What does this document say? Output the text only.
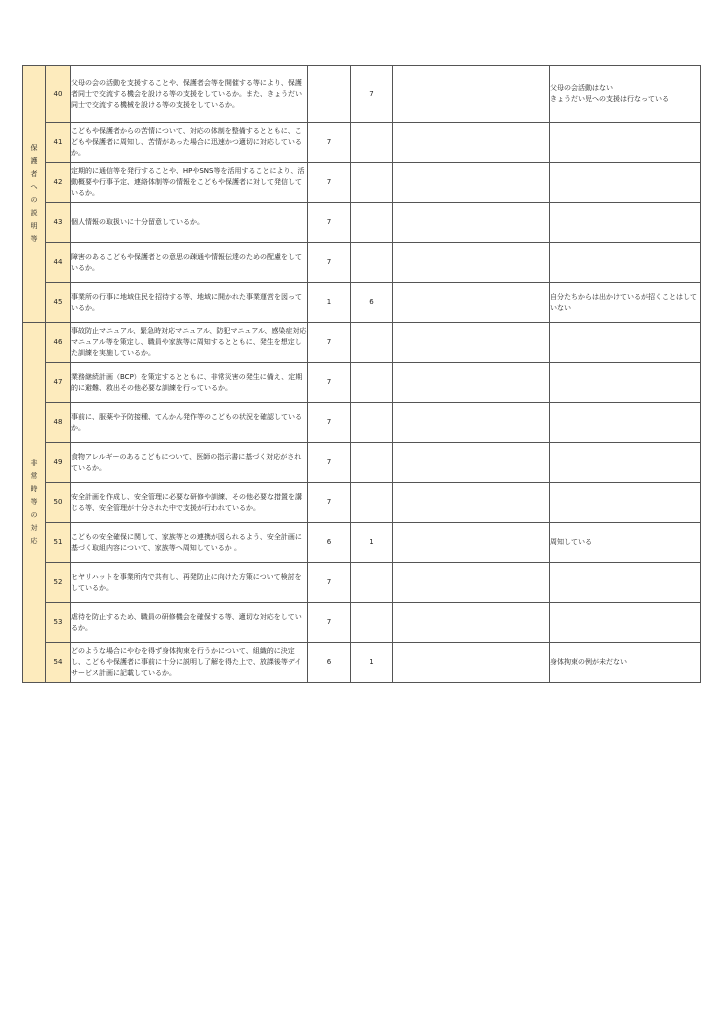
保護者への説明等	40	父母の会の活動を支援することや、保護者会等を開催する等により、保護者同士で交流する機会を設ける等の支援をしているか。また、きょうだい同士で交流する機械を設ける等の支援をしているか。		7		父母の会活動はない
きょうだい児への支援は行なっている
	41	こどもや保護者からの苦情について、対応の体制を整備するとともに、こどもや保護者に周知し、苦情があった場合に迅速かつ適切に対応しているか。	7			
	42	定期的に通信等を発行することや、HPやSNS等を活用することにより、活動概要や行事予定、連絡体制等の情報をこどもや保護者に対して発信しているか。	7			
	43	個人情報の取扱いに十分留意しているか。	7			
	44	障害のあるこどもや保護者との意思の疎通や情報伝達のための配慮をしているか。	7			
	45	事業所の行事に地域住民を招待する等、地域に開かれた事業運営を図っているか。	1	6		自分たちからは出かけているが招くことはしていない

非常時等の対応	46	事故防止マニュアル、緊急時対応マニュアル、防犯マニュアル、感染症対応マニュアル等を策定し、職員や家族等に周知するとともに、発生を想定した訓練を実施しているか。	7			
	47	業務継続計画（BCP）を策定するとともに、非常災害の発生に備え、定期的に避難、救出その他必要な訓練を行っているか。	7			
	48	事前に、服薬や予防接種、てんかん発作等のこどもの状況を確認しているか。	7			
	49	食物アレルギーのあるこどもについて、医師の指示書に基づく対応がされているか。	7			
	50	安全計画を作成し、安全管理に必要な研修や訓練、その他必要な措置を講じる等、安全管理が十分された中で支援が行われているか。	7			
	51	こどもの安全確保に関して、家族等との連携が図られるよう、安全計画に基づく取組内容について、家族等へ周知しているか 。	6	1		周知している
	52	ヒヤリハットを事業所内で共有し、再発防止に向けた方策について検討をしているか。	7			
	53	虐待を防止するため、職員の研修機会を確保する等、適切な対応をしているか。	7			
	54	どのような場合にやむを得ず身体拘束を行うかについて、組織的に決定し、こどもや保護者に事前に十分に説明し了解を得た上で、放課後等デイサービス計画に記載しているか。	6	1		身体拘束の例が未だない
